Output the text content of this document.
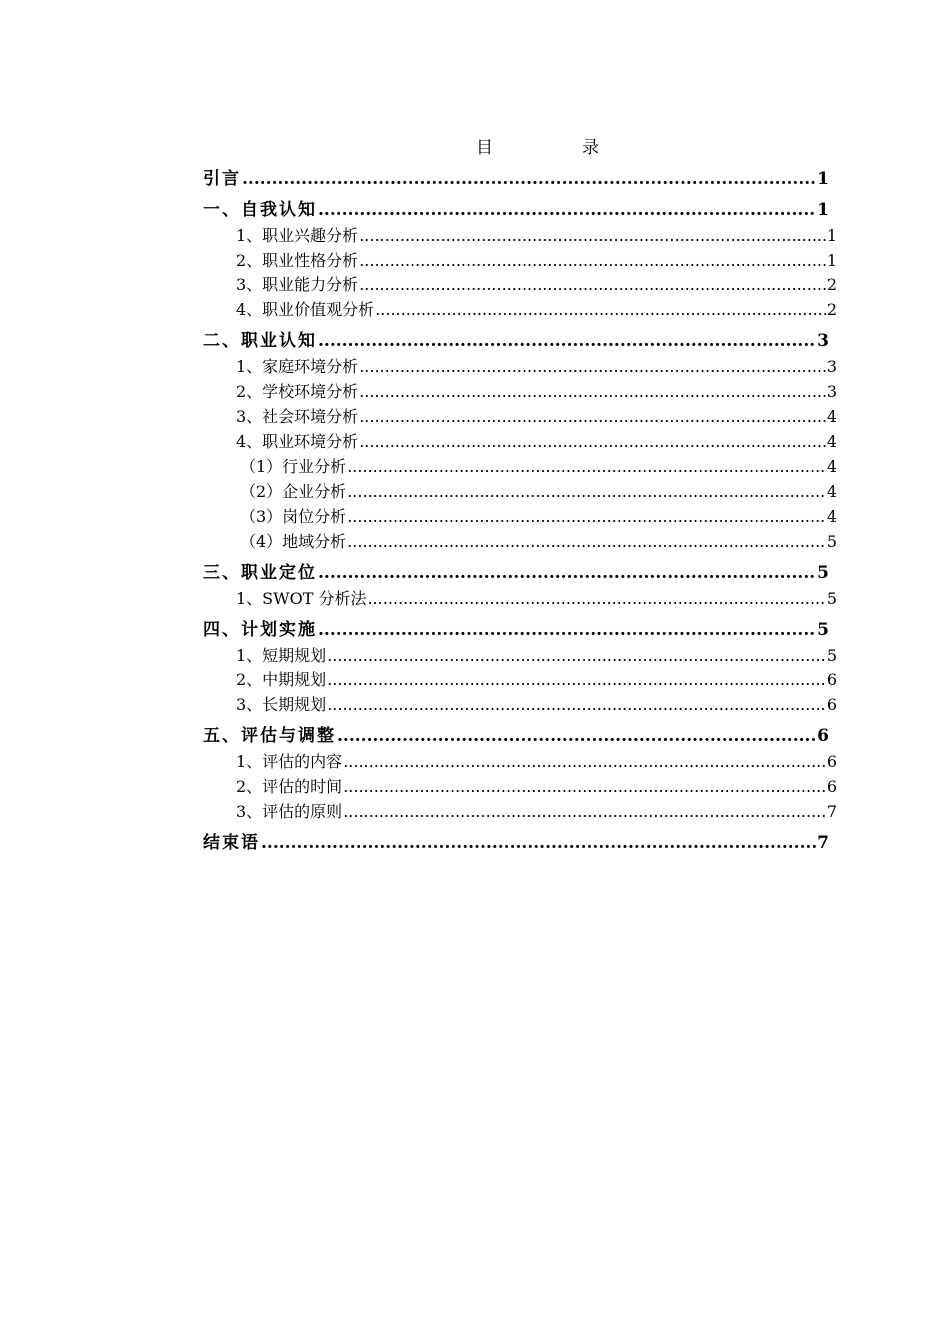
目　录
引言 .....	1
一、自我认知 .....	1
1、职业兴趣分析 .....	1
2、职业性格分析 .....	1
3、职业能力分析 .....	2
4、职业价值观分析 .....	2
二、职业认知 .....	3
1、家庭环境分析 .....	3
2、学校环境分析 .....	3
3、社会环境分析 .....	4
4、职业环境分析 .....	4
（1）行业分析 .....	4
（2）企业分析 .....	4
（3）岗位分析 .....	4
（4）地域分析 .....	5
三、职业定位 .....	5
1、SWOT 分析法 .....	5
四、计划实施 .....	5
1、短期规划 .....	5
2、中期规划 .....	6
3、长期规划 .....	6
五、评估与调整 .....	6
1、评估的内容 .....	6
2、评估的时间 .....	6
3、评估的原则 .....	7
结束语 .....	7
